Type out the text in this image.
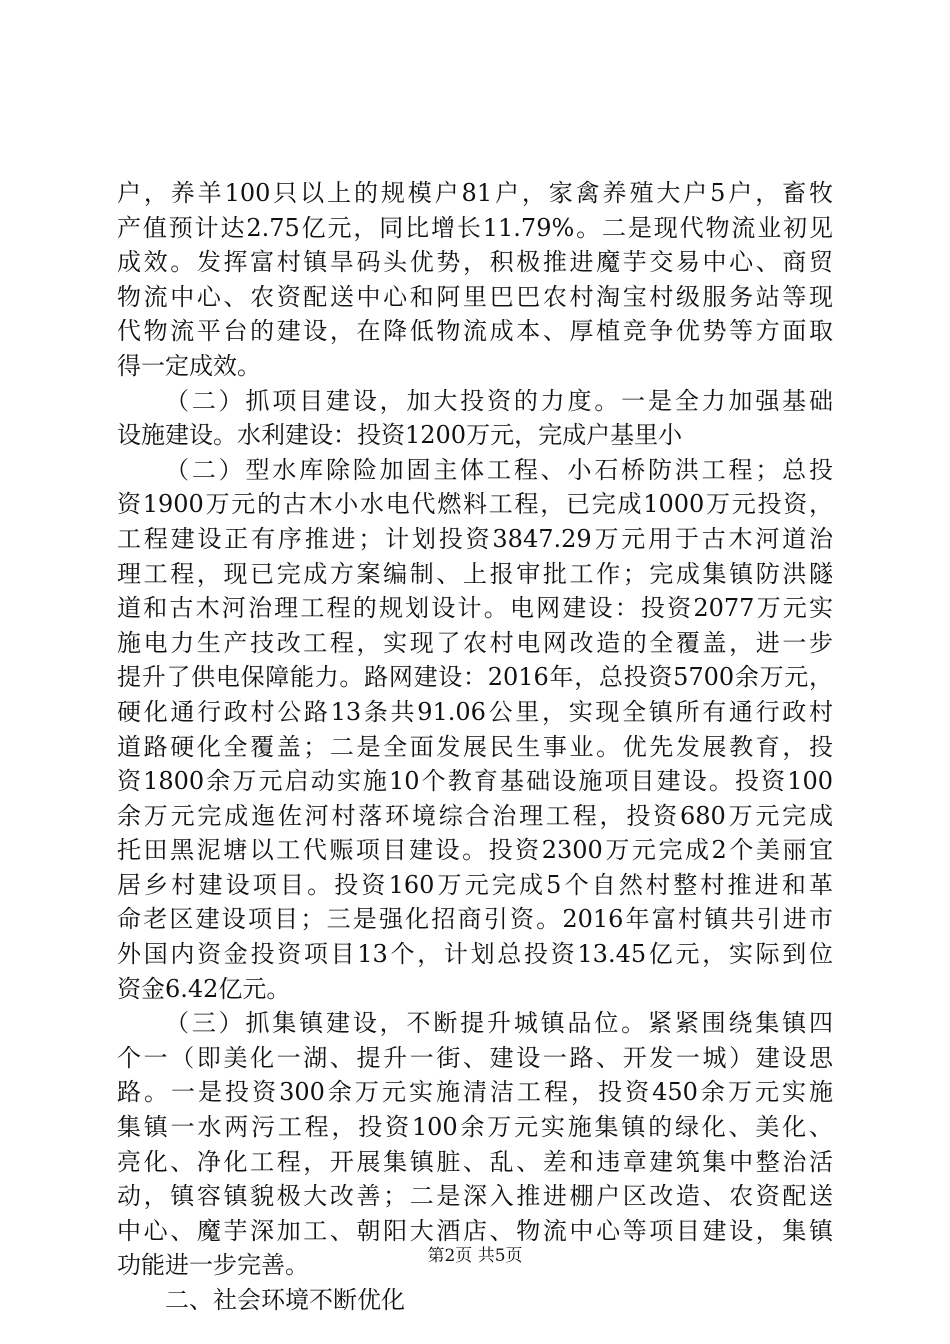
户，养羊100只以上的规模户81户，家禽养殖大户5户，畜牧
产值预计达2.75亿元，同比增长11.79%。二是现代物流业初见
成效。发挥富村镇旱码头优势，积极推进魔芋交易中心、商贸
物流中心、农资配送中心和阿里巴巴农村淘宝村级服务站等现
代物流平台的建设，在降低物流成本、厚植竞争优势等方面取
得一定成效。
（二）抓项目建设，加大投资的力度。一是全力加强基础
设施建设。水利建设：投资1200万元，完成户基里小
（二）型水库除险加固主体工程、小石桥防洪工程；总投
资1900万元的古木小水电代燃料工程，已完成1000万元投资，
工程建设正有序推进；计划投资3847.29万元用于古木河道治
理工程，现已完成方案编制、上报审批工作；完成集镇防洪隧
道和古木河治理工程的规划设计。电网建设：投资2077万元实
施电力生产技改工程，实现了农村电网改造的全覆盖，进一步
提升了供电保障能力。路网建设：2016年，总投资5700余万元，
硬化通行政村公路13条共91.06公里，实现全镇所有通行政村
道路硬化全覆盖；二是全面发展民生事业。优先发展教育，投
资1800余万元启动实施10个教育基础设施项目建设。投资100
余万元完成迤佐河村落环境综合治理工程，投资680万元完成
托田黑泥塘以工代赈项目建设。投资2300万元完成2个美丽宜
居乡村建设项目。投资160万元完成5个自然村整村推进和革
命老区建设项目；三是强化招商引资。2016年富村镇共引进市
外国内资金投资项目13个，计划总投资13.45亿元，实际到位
资金6.42亿元。
（三）抓集镇建设，不断提升城镇品位。紧紧围绕集镇四
个一（即美化一湖、提升一街、建设一路、开发一城）建设思
路。一是投资300余万元实施清洁工程，投资450余万元实施
集镇一水两污工程，投资100余万元实施集镇的绿化、美化、
亮化、净化工程，开展集镇脏、乱、差和违章建筑集中整治活
动，镇容镇貌极大改善；二是深入推进棚户区改造、农资配送
中心、魔芋深加工、朝阳大酒店、物流中心等项目建设，集镇
功能进一步完善。
二、社会环境不断优化
第2页 共5页
